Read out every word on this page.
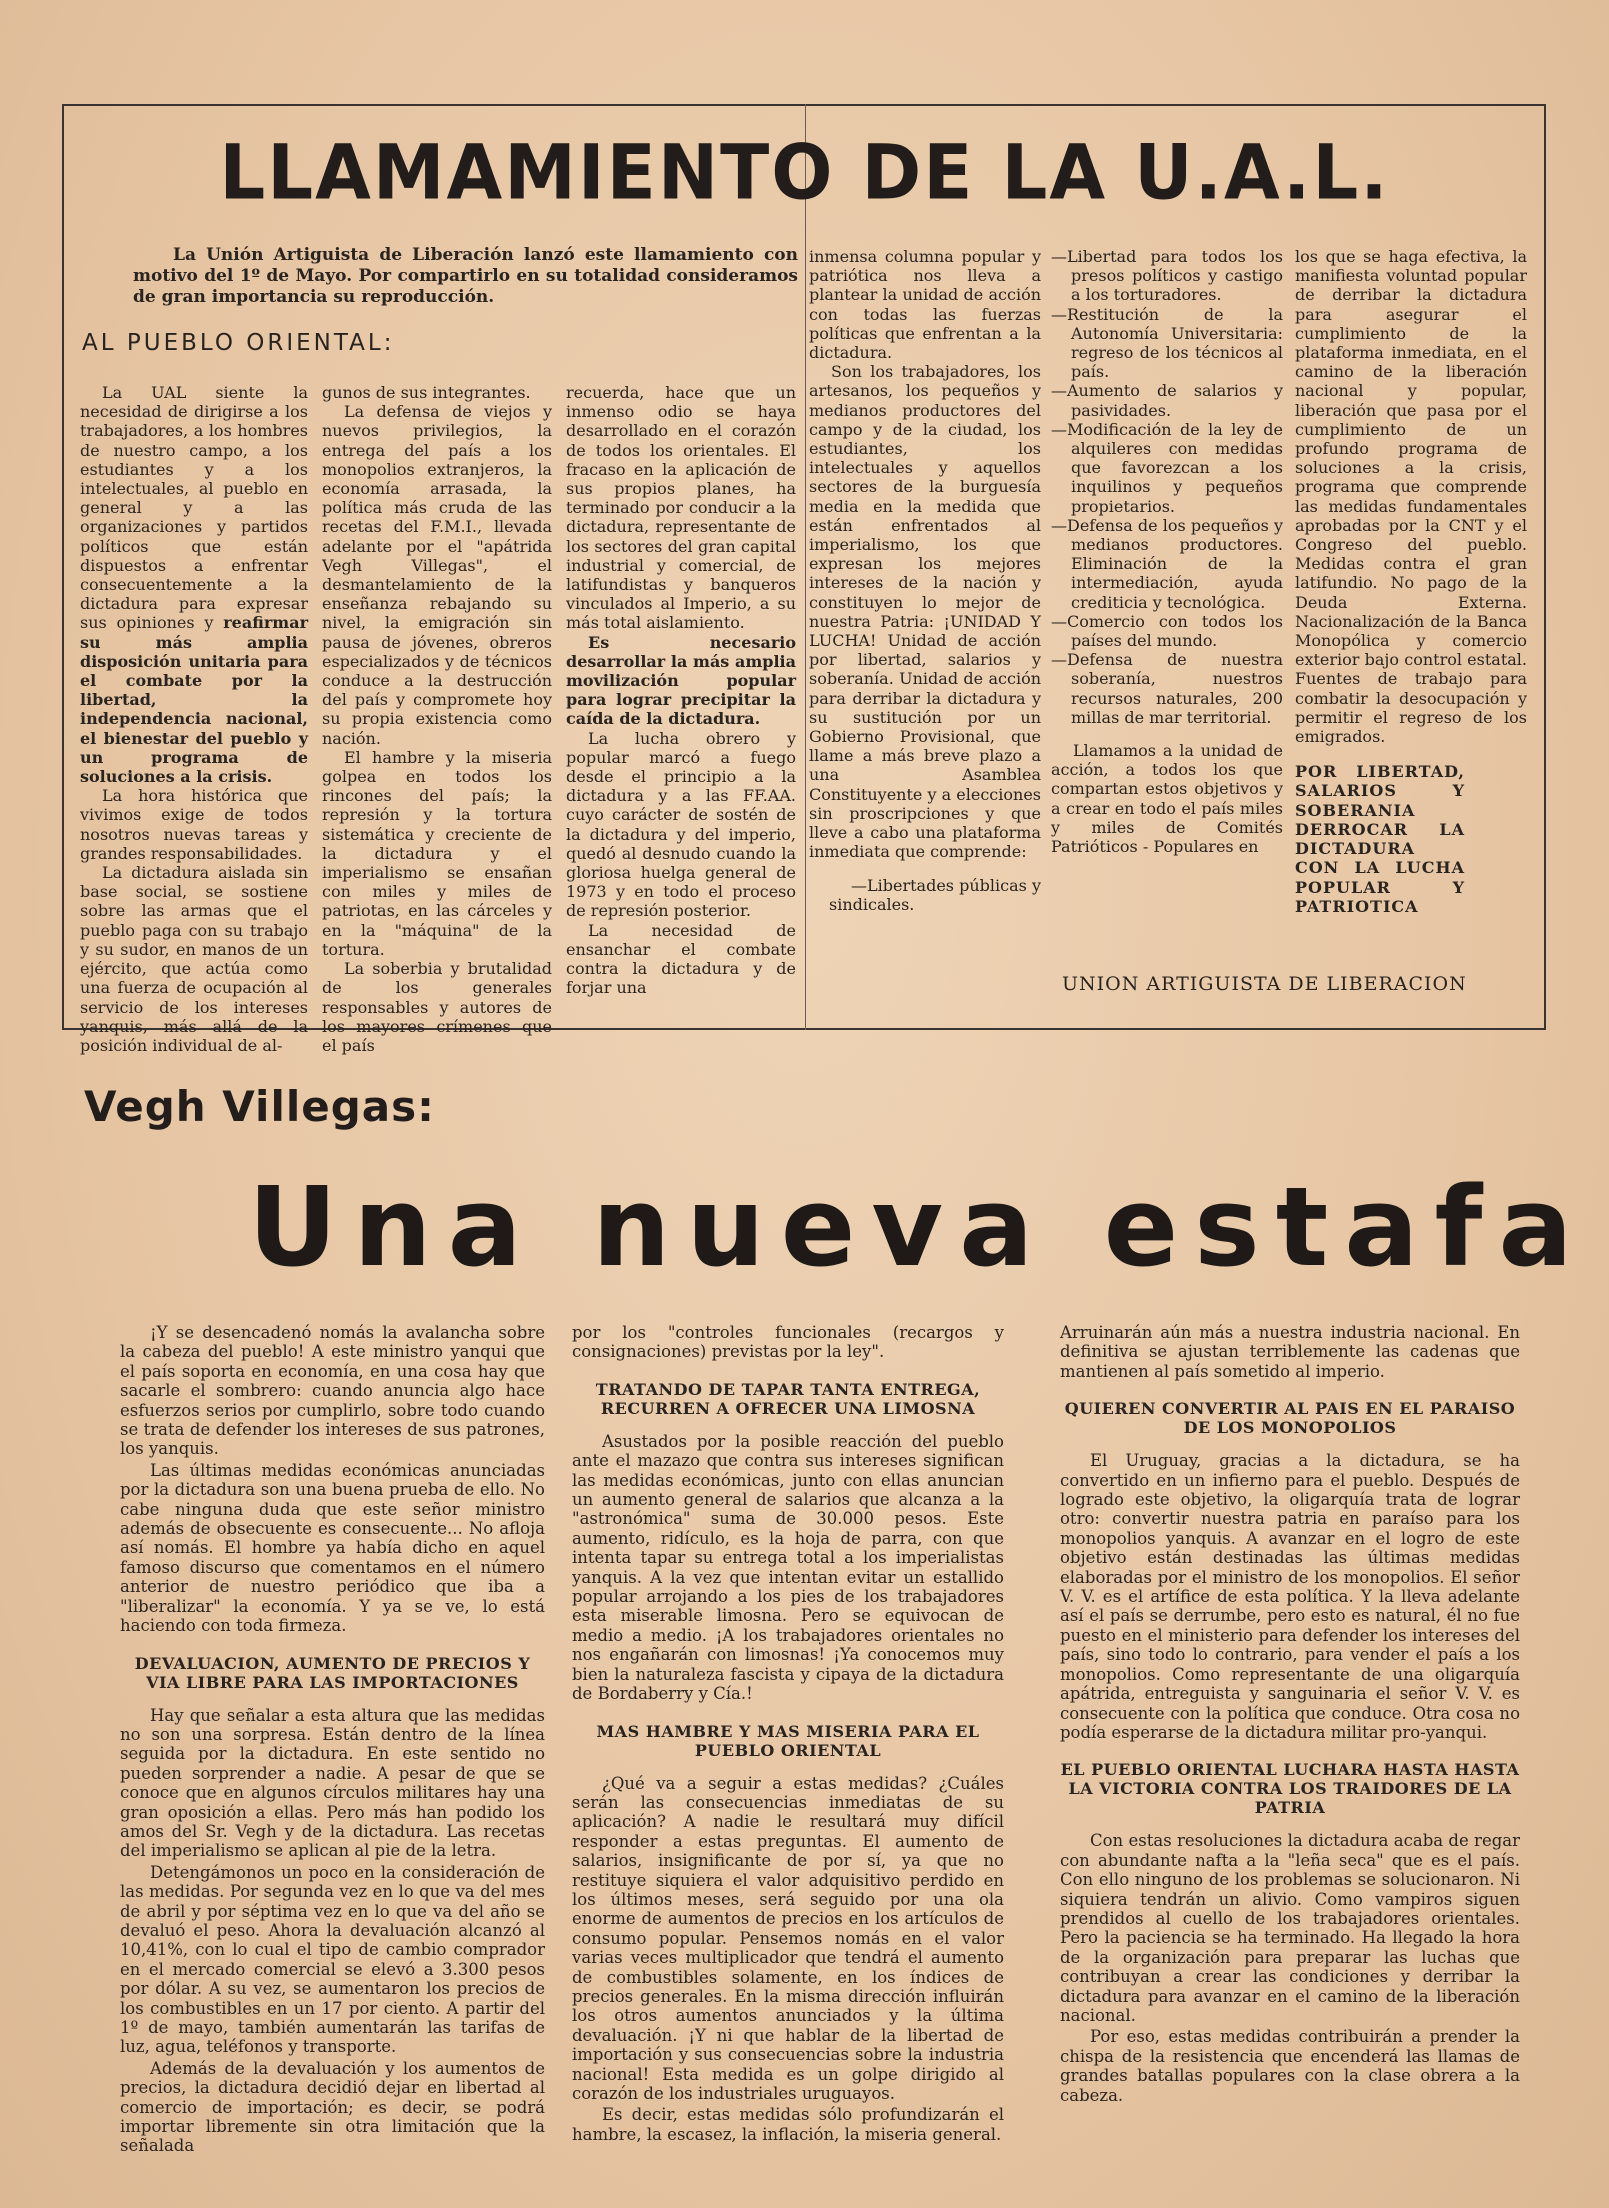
LLAMAMIENTO DE LA U.A.L.
La Unión Artiguista de Liberación lanzó este llamamiento con motivo del 1º de Mayo. Por compartirlo en su totalidad consideramos de gran importancia su reproducción.
AL PUEBLO ORIENTAL:

La UAL siente la necesidad de dirigirse a los trabajadores, a los hombres de nuestro campo, a los estudiantes y a los intelectuales, al pueblo en general y a las organizaciones y partidos políticos que están dispuestos a enfrentar consecuentemente a la dictadura para expresar sus opiniones y reafirmar su más amplia disposición unitaria para el combate por la libertad, la independencia nacional, el bienestar del pueblo y un programa de soluciones a la crisis.

La hora histórica que vivimos exige de todos nosotros nuevas tareas y grandes responsabilidades.

La dictadura aislada sin base social, se sostiene sobre las armas que el pueblo paga con su trabajo y su sudor, en manos de un ejército, que actúa como una fuerza de ocupación al servicio de los intereses yanquis, más allá de la posición individual de al-

gunos de sus integrantes.

La defensa de viejos y nuevos privilegios, la entrega del país a los monopolios extranjeros, la economía arrasada, la política más cruda de las recetas del F.M.I., llevada adelante por el "apátrida Vegh Villegas", el desmantelamiento de la enseñanza rebajando su nivel, la emigración sin pausa de jóvenes, obreros especializados y de técnicos conduce a la destrucción del país y compromete hoy su propia existencia como nación.

El hambre y la miseria golpea en todos los rincones del país; la represión y la tortura sistemática y creciente de la dictadura y el imperialismo se ensañan con miles y miles de patriotas, en las cárceles y en la "máquina" de la tortura.

La soberbia y brutalidad de los generales responsables y autores de los mayores crímenes que el país

recuerda, hace que un inmenso odio se haya desarrollado en el corazón de todos los orientales. El fracaso en la aplicación de sus propios planes, ha terminado por conducir a la dictadura, representante de los sectores del gran capital industrial y comercial, de latifundistas y banqueros vinculados al Imperio, a su más total aislamiento.

Es necesario desarrollar la más amplia movilización popular para lograr precipitar la caída de la dictadura.

La lucha obrero y popular marcó a fuego desde el principio a la dictadura y a las FF.AA. cuyo carácter de sostén de la dictadura y del imperio, quedó al desnudo cuando la gloriosa huelga general de 1973 y en todo el proceso de represión posterior.

La necesidad de ensanchar el combate contra la dictadura y de forjar una

inmensa columna popular y patriótica nos lleva a plantear la unidad de acción con todas las fuerzas políticas que enfrentan a la dictadura.

Son los trabajadores, los artesanos, los pequeños y medianos productores del campo y de la ciudad, los estudiantes, los intelectuales y aquellos sectores de la burguesía media en la medida que están enfrentados al imperialismo, los que expresan los mejores intereses de la nación y constituyen lo mejor de nuestra Patria: ¡UNIDAD Y LUCHA! Unidad de acción por libertad, salarios y soberanía. Unidad de acción para derribar la dictadura y su sustitución por un Gobierno Provisional, que llame a más breve plazo a una Asamblea Constituyente y a elecciones sin proscripciones y que lleve a cabo una plataforma inmediata que comprende:

—Libertades públicas y sindicales.

—Libertad para todos los presos políticos y castigo a los torturadores.

—Restitución de la Autonomía Universitaria: regreso de los técnicos al país.

—Aumento de salarios y pasividades.

—Modificación de la ley de alquileres con medidas que favorezcan a los inquilinos y pequeños propietarios.

—Defensa de los pequeños y medianos productores. Eliminación de la intermediación, ayuda crediticia y tecnológica.

—Comercio con todos los países del mundo.

—Defensa de nuestra soberanía, nuestros recursos naturales, 200 millas de mar territorial.

Llamamos a la unidad de acción, a todos los que compartan estos objetivos y a crear en todo el país miles y miles de Comités Patrióticos - Populares en

los que se haga efectiva, la manifiesta voluntad popular de derribar la dictadura para asegurar el cumplimiento de la plataforma inmediata, en el camino de la liberación nacional y popular, liberación que pasa por el cumplimiento de un profundo programa de soluciones a la crisis, programa que comprende las medidas fundamentales aprobadas por la CNT y el Congreso del pueblo. Medidas contra el gran latifundio. No pago de la Deuda Externa. Nacionalización de la Banca Monopólica y comercio exterior bajo control estatal. Fuentes de trabajo para combatir la desocupación y permitir el regreso de los emigrados.

POR LIBERTAD, SALARIOS Y SOBERANIA DERROCAR LA DICTADURA CON LA LUCHA POPULAR Y PATRIOTICA
UNION ARTIGUISTA DE LIBERACION
Vegh Villegas:
Una nueva estafa

¡Y se desencadenó nomás la avalancha sobre la cabeza del pueblo! A este ministro yanqui que el país soporta en economía, en una cosa hay que sacarle el sombrero: cuando anuncia algo hace esfuerzos serios por cumplirlo, sobre todo cuando se trata de defender los intereses de sus patrones, los yanquis.

Las últimas medidas económicas anunciadas por la dictadura son una buena prueba de ello. No cabe ninguna duda que este señor ministro además de obsecuente es consecuente... No afloja así nomás. El hombre ya había dicho en aquel famoso discurso que comentamos en el número anterior de nuestro periódico que iba a "liberalizar" la economía. Y ya se ve, lo está haciendo con toda firmeza.

DEVALUACION, AUMENTO DE PRECIOS Y VIA LIBRE PARA LAS IMPORTACIONES

Hay que señalar a esta altura que las medidas no son una sorpresa. Están dentro de la línea seguida por la dictadura. En este sentido no pueden sorprender a nadie. A pesar de que se conoce que en algunos círculos militares hay una gran oposición a ellas. Pero más han podido los amos del Sr. Vegh y de la dictadura. Las recetas del imperialismo se aplican al pie de la letra.

Detengámonos un poco en la consideración de las medidas. Por segunda vez en lo que va del mes de abril y por séptima vez en lo que va del año se devaluó el peso. Ahora la devaluación alcanzó al 10,41%, con lo cual el tipo de cambio comprador en el mercado comercial se elevó a 3.300 pesos por dólar. A su vez, se aumentaron los precios de los combustibles en un 17 por ciento. A partir del 1º de mayo, también aumentarán las tarifas de luz, agua, teléfonos y transporte.

Además de la devaluación y los aumentos de precios, la dictadura decidió dejar en libertad al comercio de importación; es decir, se podrá importar libremente sin otra limitación que la señalada

por los "controles funcionales (recargos y consignaciones) previstas por la ley".

TRATANDO DE TAPAR TANTA ENTREGA, RECURREN A OFRECER UNA LIMOSNA

Asustados por la posible reacción del pueblo ante el mazazo que contra sus intereses significan las medidas económicas, junto con ellas anuncian un aumento general de salarios que alcanza a la "astronómica" suma de 30.000 pesos. Este aumento, ridículo, es la hoja de parra, con que intenta tapar su entrega total a los imperialistas yanquis. A la vez que intentan evitar un estallido popular arrojando a los pies de los trabajadores esta miserable limosna. Pero se equivocan de medio a medio. ¡A los trabajadores orientales no nos engañarán con limosnas! ¡Ya conocemos muy bien la naturaleza fascista y cipaya de la dictadura de Bordaberry y Cía.!

MAS HAMBRE Y MAS MISERIA PARA EL PUEBLO ORIENTAL

¿Qué va a seguir a estas medidas? ¿Cuáles serán las consecuencias inmediatas de su aplicación? A nadie le resultará muy difícil responder a estas preguntas. El aumento de salarios, insignificante de por sí, ya que no restituye siquiera el valor adquisitivo perdido en los últimos meses, será seguido por una ola enorme de aumentos de precios en los artículos de consumo popular. Pensemos nomás en el valor varias veces multiplicador que tendrá el aumento de combustibles solamente, en los índices de precios generales. En la misma dirección influirán los otros aumentos anunciados y la última devaluación. ¡Y ni que hablar de la libertad de importación y sus consecuencias sobre la industria nacional! Esta medida es un golpe dirigido al corazón de los industriales uruguayos.

Es decir, estas medidas sólo profundizarán el hambre, la escasez, la inflación, la miseria general.

Arruinarán aún más a nuestra industria nacional. En definitiva se ajustan terriblemente las cadenas que mantienen al país sometido al imperio.

QUIEREN CONVERTIR AL PAIS EN EL PARAISO DE LOS MONOPOLIOS

El Uruguay, gracias a la dictadura, se ha convertido en un infierno para el pueblo. Después de logrado este objetivo, la oligarquía trata de lograr otro: convertir nuestra patria en paraíso para los monopolios yanquis. A avanzar en el logro de este objetivo están destinadas las últimas medidas elaboradas por el ministro de los monopolios. El señor V. V. es el artífice de esta política. Y la lleva adelante así el país se derrumbe, pero esto es natural, él no fue puesto en el ministerio para defender los intereses del país, sino todo lo contrario, para vender el país a los monopolios. Como representante de una oligarquía apátrida, entreguista y sanguinaria el señor V. V. es consecuente con la política que conduce. Otra cosa no podía esperarse de la dictadura militar pro-yanqui.

EL PUEBLO ORIENTAL LUCHARA HASTA HASTA LA VICTORIA CONTRA LOS TRAIDORES DE LA PATRIA

Con estas resoluciones la dictadura acaba de regar con abundante nafta a la "leña seca" que es el país. Con ello ninguno de los problemas se solucionaron. Ni siquiera tendrán un alivio. Como vampiros siguen prendidos al cuello de los trabajadores orientales. Pero la paciencia se ha terminado. Ha llegado la hora de la organización para preparar las luchas que contribuyan a crear las condiciones y derribar la dictadura para avanzar en el camino de la liberación nacional.

Por eso, estas medidas contribuirán a prender la chispa de la resistencia que encenderá las llamas de grandes batallas populares con la clase obrera a la cabeza.
